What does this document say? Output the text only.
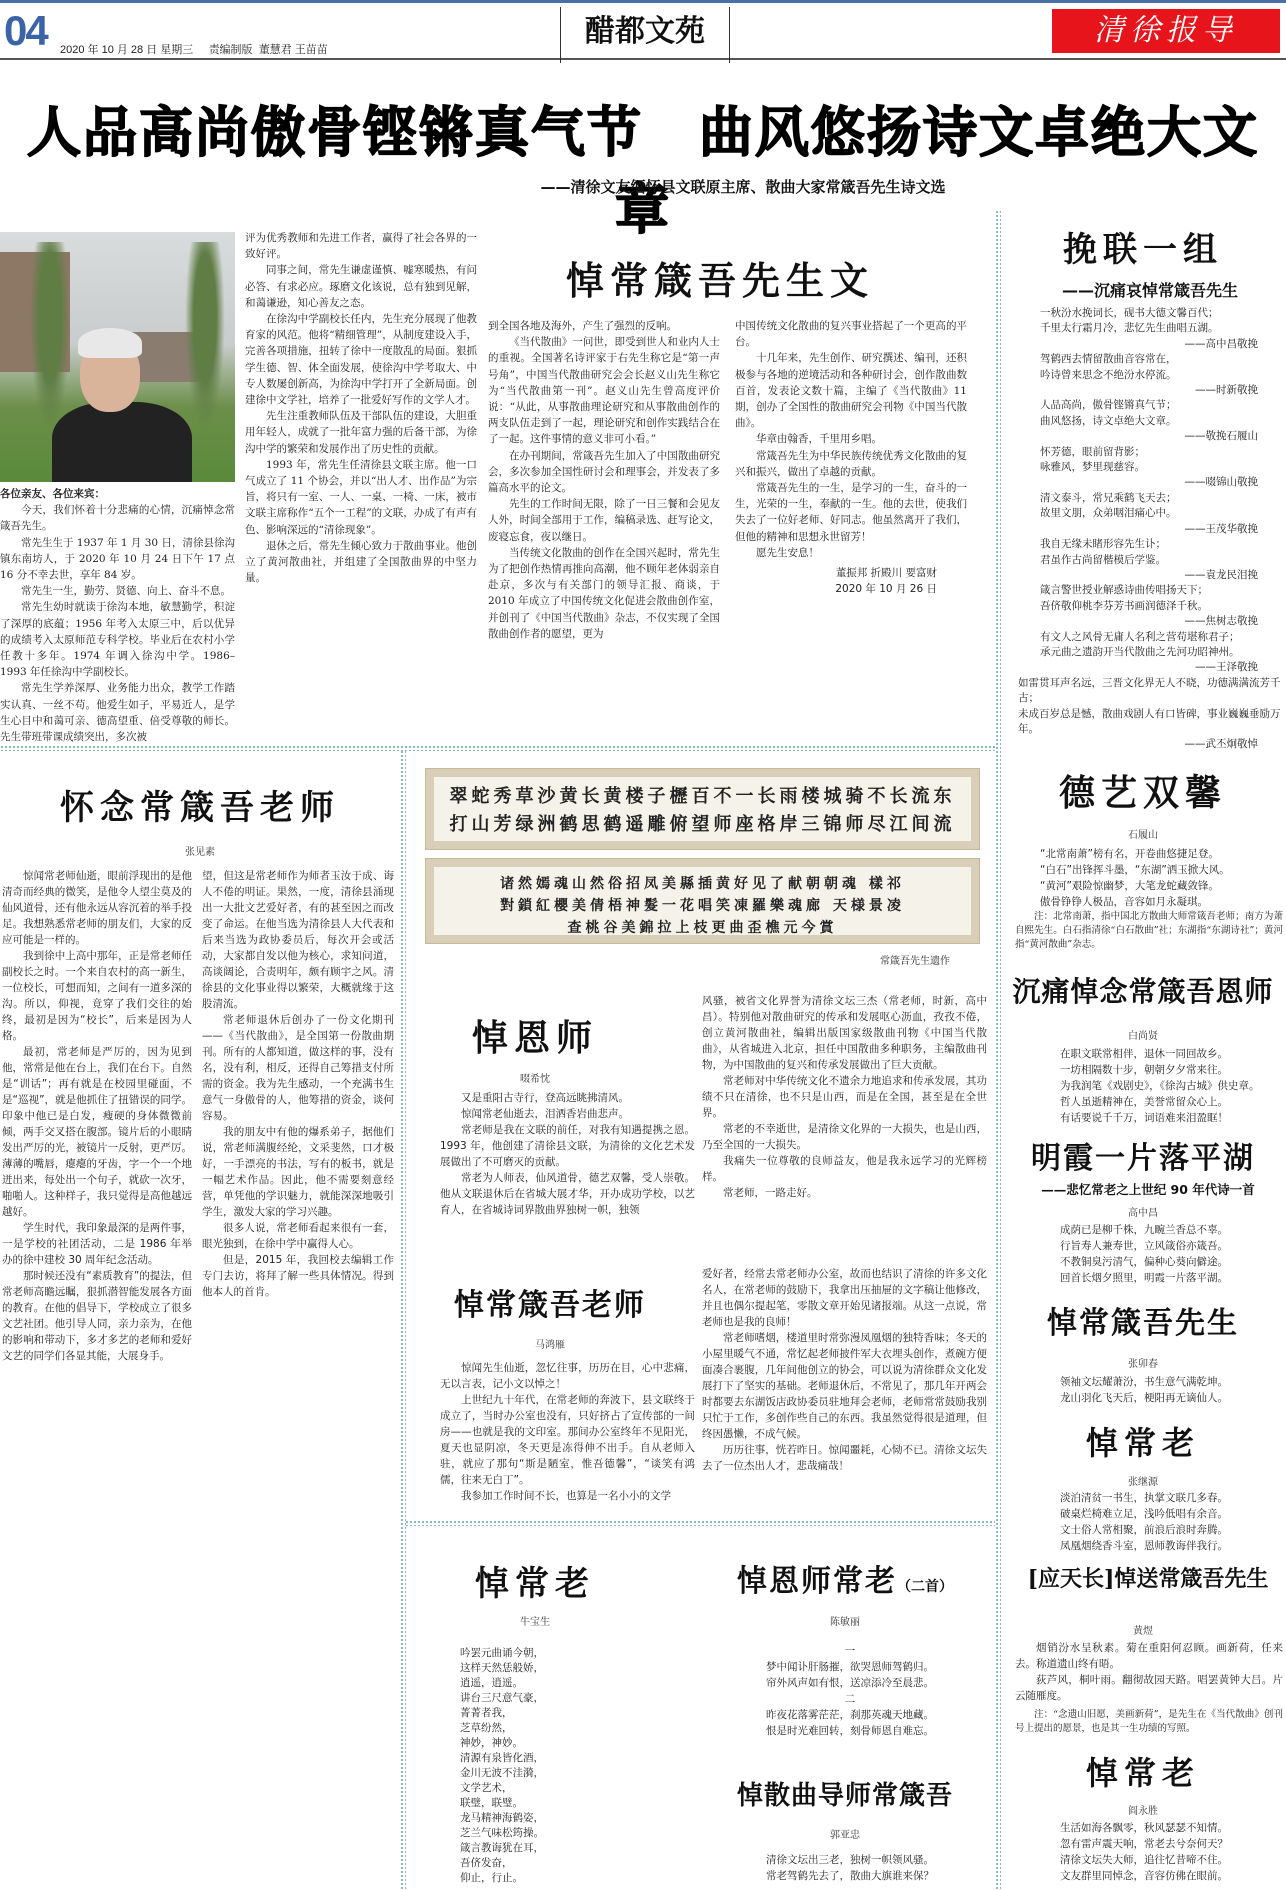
04 2020 年 10 月 28 日 星期三 责编制版 董慧君 王苗苗
醋都文苑	清徐报导
人品高尚傲骨铿锵真气节　曲风悠扬诗文卓绝大文章
——清徐文友缅怀县文联原主席、散曲大家常箴吾先生诗文选
悼常箴吾先生文

各位亲友、各位来宾：

今天，我们怀着十分悲痛的心情，沉痛悼念常箴吾先生。

常先生生于 1937 年 1 月 30 日，清徐县徐沟镇东南坊人，于 2020 年 10 月 24 日下午 17 点 16 分不幸去世，享年 84 岁。

常先生一生，勤劳、贤德、向上、奋斗不息。

常先生幼时就读于徐沟本地，敏慧勤学，积淀了深厚的底蕴；1956 年考入太原三中，后以优异的成绩考入太原师范专科学校。毕业后在农村小学任教十多年。1974 年调入徐沟中学。1986–1993 年任徐沟中学副校长。

常先生学养深厚、业务能力出众，教学工作踏实认真、一丝不苟。他爱生如子，平易近人，是学生心目中和蔼可亲、德高望重、倍受尊敬的师长。先生带班带课成绩突出，多次被

评为优秀教师和先进工作者，赢得了社会各界的一致好评。

同事之间，常先生谦虚谨慎、嘘寒暖热，有问必答、有求必应。琢磨文化该说，总有独到见解，和蔼谦逊，知心善友之态。

在徐沟中学副校长任内，先生充分展现了他教育家的风范。他将“精细管理”，从制度建设入手，完善各项措施，扭转了徐中一度散乱的局面。狠抓学生德、智、体全面发展，使徐沟中学考取大、中专人数屡创新高，为徐沟中学打开了全新局面。创建徐中文学社，培养了一批爱好写作的文学人才。

先生注重教师队伍及干部队伍的建设，大胆重用年轻人，成就了一批年富力强的后备干部，为徐沟中学的繁荣和发展作出了历史性的贡献。

1993 年，常先生任清徐县文联主席。他一口气成立了 11 个协会，并以“出人才、出作品”为宗旨，将只有一室、一人、一桌、一椅、一床，被市文联主席称作“五个一工程”的文联，办成了有声有色、影响深远的“清徐现象”。

退休之后，常先生倾心致力于散曲事业。他创立了黄河散曲社，并组建了全国散曲界的中坚力量。

到全国各地及海外，产生了强烈的反响。

《当代散曲》一问世，即受到世人和业内人士的重视。全国著名诗评家于右先生称它是“第一声号角”，中国当代散曲研究会会长赵义山先生称它为“当代散曲第一刊”。赵义山先生曾高度评价说：“从此，从事散曲理论研究和从事散曲创作的两支队伍走到了一起，理论研究和创作实践结合在了一起。这件事情的意义非可小看。”

在办刊期间，常箴吾先生加入了中国散曲研究会，多次参加全国性研讨会和理事会，并发表了多篇高水平的论文。

先生的工作时间无限，除了一日三餐和会见友人外，时间全部用于工作，编稿录选、赶写论文，废寝忘食，夜以继日。

当传统文化散曲的创作在全国兴起时，常先生为了把创作热情再推向高潮，他不顾年老体弱亲自赴京，多次与有关部门的领导汇报、商谈，于 2010 年成立了中国传统文化促进会散曲创作室，并创刊了《中国当代散曲》杂志，不仅实现了全国散曲创作者的愿望，更为

中国传统文化散曲的复兴事业搭起了一个更高的平台。

十几年来，先生创作、研究撰述、编刊，还积极参与各地的逆境活动和各种研讨会，创作散曲数百首，发表论文数十篇，主编了《当代散曲》11 期，创办了全国性的散曲研究会刊物《中国当代散曲》。

华章由翰香，千里用乡唱。

常箴吾先生为中华民族传统优秀文化散曲的复兴和振兴，做出了卓越的贡献。

常箴吾先生的一生，是学习的一生，奋斗的一生，光荣的一生，奉献的一生。他的去世，使我们失去了一位好老师、好同志。他虽然离开了我们，但他的精神和思想永世留芳！

愿先生安息！

董振邦 折殿川 要富财

2020 年 10 月 26 日

挽联一组
——沉痛哀悼常箴吾先生
一秋汾水挽词长，砚书大德文馨百代；
千里太行霜月冷，悲忆先生曲唱五湖。
——高中昌敬挽
驾鹤西去情留散曲音容常在，
吟诗曾来思念不绝汾水停流。
——时新敬挽
人品高尚，傲骨铿锵真气节；
曲风悠扬，诗文卓绝大文章。
——敬挽石履山
怀芳德，眼前留背影；
咏雅风，梦里现慈容。
——啜锦山敬挽
清文泰斗，常兄乘鹤飞天去；
故里文朋，众弟咽泪痛心中。
——王茂华敬挽
我自无缘未睹形容先生讣；
君虽作古尚留楷模后学鉴。
——袁龙民泪挽
箴言警世授业解惑诗曲传唱扬天下；
吾侪敬仰桃李芬芳书画润德泽千秋。
——焦树志敬挽
有文人之风骨无庸人名利之营苟堪称君子；
承元曲之遗韵开当代散曲之先河功昭神州。
——王泽敬挽
如雷贯耳声名远，三晋文化界无人不晓，功德满满流芳千古；
未成百岁总是憾，散曲戏剧人有口皆碑，事业巍巍垂励万年。
——武丕炯敬悼
德艺双馨
石履山
“北常南萧”榜有名，开卷曲悠捷足登。
“白石”出锋挥斗墨，“东湖”洒玉掀大风。
“黄河”艰险惊幽梦，大笔龙蛇藏敛锋。
傲骨铮铮人极品，音容如月永凝琪。

注：北常南萧，指中国北方散曲大师常箴吾老师；南方为萧自熙先生。白石指清徐“白石散曲”社；东湖指“东湖诗社”；黄河指“黄河散曲”杂志。

沉痛悼念常箴吾恩师
白尚贤
在职文联常相伴，退休一同回故乡。
一坊相隔数十步，朝朝夕夕常来往。
为我润笔《戏剧史》，《徐沟古城》供史章。
哲人虽逝精神在，美誉常留众心上。
有话要说千千万，词语难来泪盈眶！
明霞一片落平湖
——悲忆常老之上世纪 90 年代诗一首
高中昌
成荫已是柳千株，九畹兰香总不辜。
行旨寿人兼寿世，立风箴俗亦箴吾。
不教铜臭污清气，偏种心葵向僻途。
回首长烟夕照里，明霞一片落平湖。
悼常箴吾先生
张卯春
领袖文坛耀萧汾，书生意气满乾坤。
龙山羽化飞天后，梗阳再无谪仙人。
悼常老
张继源
淡泊清贫一书生，执掌文联几多春。
破桌烂椅难立足，浅吟低唱有余音。
文士俗人常相聚，前浪后浪时奔腾。
凤凰烟绕香斗室，恩师教诲伴我行。
[应天长]悼送常箴吾先生
黄煜

烟销汾水呈秋素。菊在重阳何忍顾。画新荷，任来去。称道遗山终有晤。

荻芦风，桐叶雨。翻彻故园天路。唱罢黄钟大吕。片云随雁度。

注：“念遗山旧愿，美画新荷”，是先生在《当代散曲》创刊号上提出的愿景，也是其一生功绩的写照。

悼常老
阎永胜
生活如海各飘零，秋风瑟瑟不知情。
忽有雷声震天响，常老去兮奈何天？
清徐文坛失大师，追往忆昔啼不住。
文友群里同悼念，音容仿佛在眼前。
怀念常箴吾老师
张见素

惊闻常老师仙逝，眼前浮现出的是他清奇而经典的微笑，是他令人望尘莫及的仙风道骨，还有他永远从容沉着的举手投足。我想熟悉常老师的朋友们，大家的反应可能是一样的。

我到徐中上高中那年，正是常老师任副校长之时。一个来自农村的高一新生，一位校长，可想而知，之间有一道多深的沟。所以，仰视，竟穿了我们交往的始终，最初是因为“校长”，后来是因为人格。

最初，常老师是严厉的，因为见到他，常常是他在台上，我们在台下。自然是“训话”；再有就是在校园里碰面，不是“巡视”，就是他抓住了扭错误的同学。印象中他已是白发，瘦硬的身体微微前倾，两手交叉搭在腹部。镜片后的小眼睛发出严厉的光，被镜片一反射，更严厉。薄薄的嘴唇，瘪瘪的牙齿，字一个一个地迸出来，每处出一个句子，就砍一次牙，啪啪人。这种样子，我只觉得是高他越远越好。

学生时代，我印象最深的是两件事，一是学校的社团活动，二是 1986 年举办的徐中建校 30 周年纪念活动。

那时候还没有“素质教育”的提法，但常老师高瞻远瞩，狠抓潜智能发展各方面的教育。在他的倡导下，学校成立了很多文艺社团。他引导人同，亲力亲为，在他的影响和带动下，多才多艺的老师和爱好文艺的同学们各显其能，大展身手。

望，但这是常老师作为师者玉汝于成、诲人不倦的明证。果然，一度，清徐县涌现出一大批文艺爱好者，有的甚至因之而改变了命运。在他当选为清徐县人大代表和后来当选为政协委员后，每次开会或活动，大家都自发以他为核心，求知问道，高谈阔论，合责明年，颇有顾宇之风。清徐县的文化事业得以繁荣，大概就缘于这股清流。

常老师退休后创办了一份文化期刊——《当代散曲》，是全国第一份散曲期刊。所有的人都知道，做这样的事，没有名，没有利，相反，还得自己筹措支付所需的资金。我为先生感动，一个充满书生意气一身傲骨的人，他筹措的资金，谈何容易。

我的朋友中有他的爆系弟子，据他们说，常老师满腹经纶，文采斐然，口才极好，一手漂亮的书法，写有的板书，就是一幅艺术作品。因此，他不需要刻意经营，单凭他的学识魅力，就能深深地吸引学生，激发大家的学习兴趣。

很多人说，常老师看起来很有一套，眼光独到，在徐中学中赢得人心。

但是，2015 年，我回校去编辑工作专门去访，将拜了解一些具体情况。得到他本人的首肯。

翠蛇秀草沙黄长黄楼子櫪百不一长雨楼城骑不长流东 打山芳绿洲鹤思鹤遥雕俯望师座格岸三锦师尽江间流
诸然嫣魂山然俗招凤美縣插黄好见了献朝朝魂 樣祁對鎖紅櫻美倩梧神髮一花唱笑凍羅樂魂廊 天様景凌查桃谷美錦拉上枝更曲歪樵元今賞
常箴吾先生遗作
悼恩师
啜希忱

又是重阳古寺行，登高远眺拂清风。

惊闻常老仙逝去，泪洒香岩曲悲声。

常老师是我在文联的前任，对我有知遇提携之恩。1993 年，他创建了清徐县文联，为清徐的文化艺术发展做出了不可磨灭的贡献。

常老为人师表，仙风道骨，德艺双馨，受人崇敬。他从文联退休后在省城大展才华，开办成功学校，以艺育人，在省城诗词界散曲界独树一帜，独领

风骚，被省文化界誉为清徐文坛三杰（常老师，时新，高中昌）。特别他对散曲研究的传承和发展呕心沥血，孜孜不倦，创立黄河散曲社，编辑出版国家级散曲刊物《中国当代散曲》，从省城进入北京，担任中国散曲多种职务，主编散曲刊物，为中国散曲的复兴和传承发展做出了巨大贡献。

常老师对中华传统文化不遗余力地追求和传承发展，其功绩不只在清徐，也不只是山西，而是在全国，甚至是在全世界。

常老的不幸逝世，是清徐文化界的一大损失，也是山西，乃至全国的一大损失。

我痛失一位尊敬的良师益友，他是我永远学习的光辉榜样。

常老师，一路走好。

悼常箴吾老师
马鸿雁

惊闻先生仙逝，忽忆往事，历历在目，心中悲痛，无以言表，记小文以悼之！

上世纪九十年代，在常老师的奔波下，县文联终于成立了，当时办公室也没有，只好挤占了宣传部的一间房——也就是我的文印室。那间办公室终年不见阳光，夏天也显阴凉，冬天更是冻得伸不出手。自从老师入驻，就应了那句“斯是陋室，惟吾德馨”，“谈笑有鸿儒，往来无白丁”。

我参加工作时间不长，也算是一名小小的文学

爱好者，经常去常老师办公室，故而也结识了清徐的许多文化名人，在常老师的鼓励下，我拿出压抽屉的文字稿让他修改，并且也偶尔提起笔，零散文章开始见诸报端。从这一点说，常老师也是我的良师！

常老师嗜烟，楼道里时常弥漫凤凰烟的独特香味；冬天的小屋里暖气不通，常忆起老师披件军大衣埋头创作，煮碗方便面凑合裹腹，几年间他创立的协会，可以说为清徐群众文化发展打下了坚实的基础。老师退休后，不常见了，那几年开两会时都要去东湖饭店政协委员驻地拜会老师，老师常常鼓励我别只忙于工作，多创作些自己的东西。我虽然觉得很是道理，但终因愚懒，不成气候。

历历往事，恍若昨日。惊闻噩耗，心恸不已。清徐文坛失去了一位杰出人才，悲哉痛哉！

悼常老
牛宝生
吟罢元曲诵今朝，
这样天然恁般娇，
逍遥，逍遥。
讲台三尺意气豪，
菁菁者我，
芝草纷然，
神妙，神妙。
清源有泉皆化酒，
金川无波不洼漪，
文学艺术，
联璧，联璧。
龙马精神海鹤姿，
芝兰气味松筠操。
箴言教诲犹在耳，
吾侪发奋，
仰止，行止。
悼恩师常老（二首）
陈敏丽
一
梦中闻讣肝肠摧，欲哭恩师驾鹤归。
帘外风声如有恨，送凉添冷至晨悲。
二
昨夜花落雾茫茫，刹那英魂天地藏。
恨是时光难回转，刻骨师恩自难忘。
悼散曲导师常箴吾
郭亚忠
清徐文坛出三老，独树一帜领风骚。
常老驾鹤先去了，散曲大旗谁来保？
